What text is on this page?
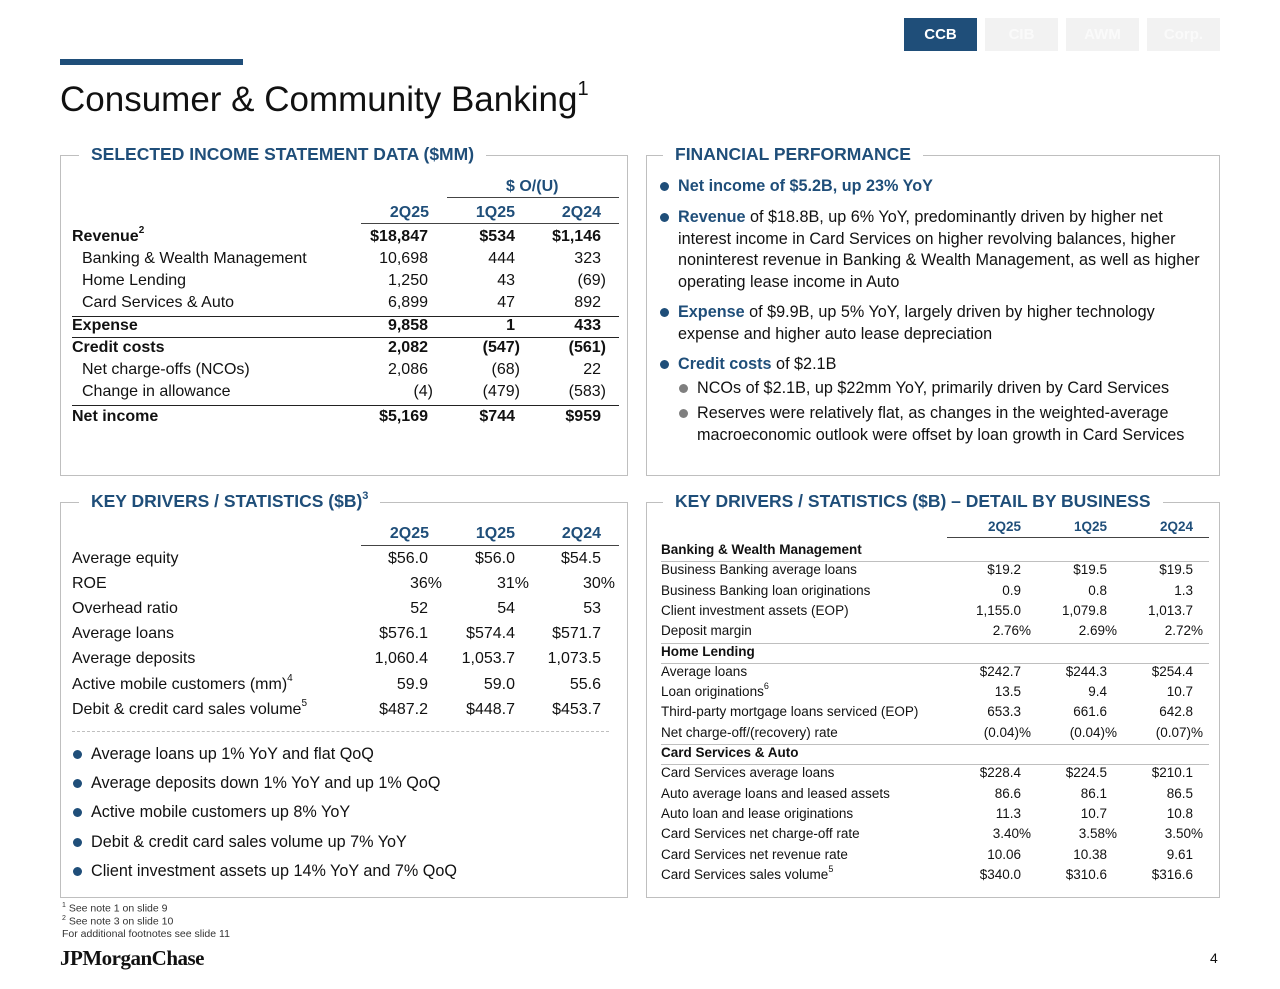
CCB	CIB	AWM	Corp.
Consumer & Community Banking$^1$
SELECTED INCOME STATEMENT DATA ($MM)
$ O/(U)
2Q25	1Q25	2Q24
Revenue$^2$	$18,847	$534	$1,146
Banking & Wealth Management	10,698	444	323
Home Lending	1,250	43	(69)
Card Services & Auto	6,899	47	892
Expense	9,858	1	433
Credit costs	2,082	(547)	(561)
Net charge-offs (NCOs)	2,086	(68)	22
Change in allowance	(4)	(479)	(583)
Net income	$5,169	$744	$959
FINANCIAL PERFORMANCE
Net income of $5.2B, up 23% YoY
Revenue of $18.8B, up 6% YoY, predominantly driven by higher net interest income in Card Services on higher revolving balances, higher noninterest revenue in Banking & Wealth Management, as well as higher operating lease income in Auto
Expense of $9.9B, up 5% YoY, largely driven by higher technology expense and higher auto lease depreciation
Credit costs of $2.1B
NCOs of $2.1B, up $22mm YoY, primarily driven by Card Services
Reserves were relatively flat, as changes in the weighted-average macroeconomic outlook were offset by loan growth in Card Services
KEY DRIVERS / STATISTICS ($B)$^3$
2Q25	1Q25	2Q24
Average equity	$56.0	$56.0	$54.5
ROE	36%	31%	30%
Overhead ratio	52	54	53
Average loans	$576.1	$574.4	$571.7
Average deposits	1,060.4	1,053.7	1,073.5
Active mobile customers (mm)$^4$	59.9	59.0	55.6
Debit & credit card sales volume$^5$	$487.2	$448.7	$453.7
Average loans up 1% YoY and flat QoQ
Average deposits down 1% YoY and up 1% QoQ
Active mobile customers up 8% YoY
Debit & credit card sales volume up 7% YoY
Client investment assets up 14% YoY and 7% QoQ
KEY DRIVERS / STATISTICS ($B) – DETAIL BY BUSINESS
2Q25	1Q25	2Q24
Banking & Wealth Management
Business Banking average loans	$19.2	$19.5	$19.5
Business Banking loan originations	0.9	0.8	1.3
Client investment assets (EOP)	1,155.0	1,079.8	1,013.7
Deposit margin	2.76%	2.69%	2.72%
Home Lending
Average loans	$242.7	$244.3	$254.4
Loan originations$^6$	13.5	9.4	10.7
Third-party mortgage loans serviced (EOP)	653.3	661.6	642.8
Net charge-off/(recovery) rate	(0.04)%	(0.04)%	(0.07)%
Card Services & Auto
Card Services average loans	$228.4	$224.5	$210.1
Auto average loans and leased assets	86.6	86.1	86.5
Auto loan and lease originations	11.3	10.7	10.8
Card Services net charge-off rate	3.40%	3.58%	3.50%
Card Services net revenue rate	10.06	10.38	9.61
Card Services sales volume$^5$	$340.0	$310.6	$316.6
$^1$ See note 1 on slide 9
$^2$ See note 3 on slide 10
For additional footnotes see slide 11
JPMorganChase	4
